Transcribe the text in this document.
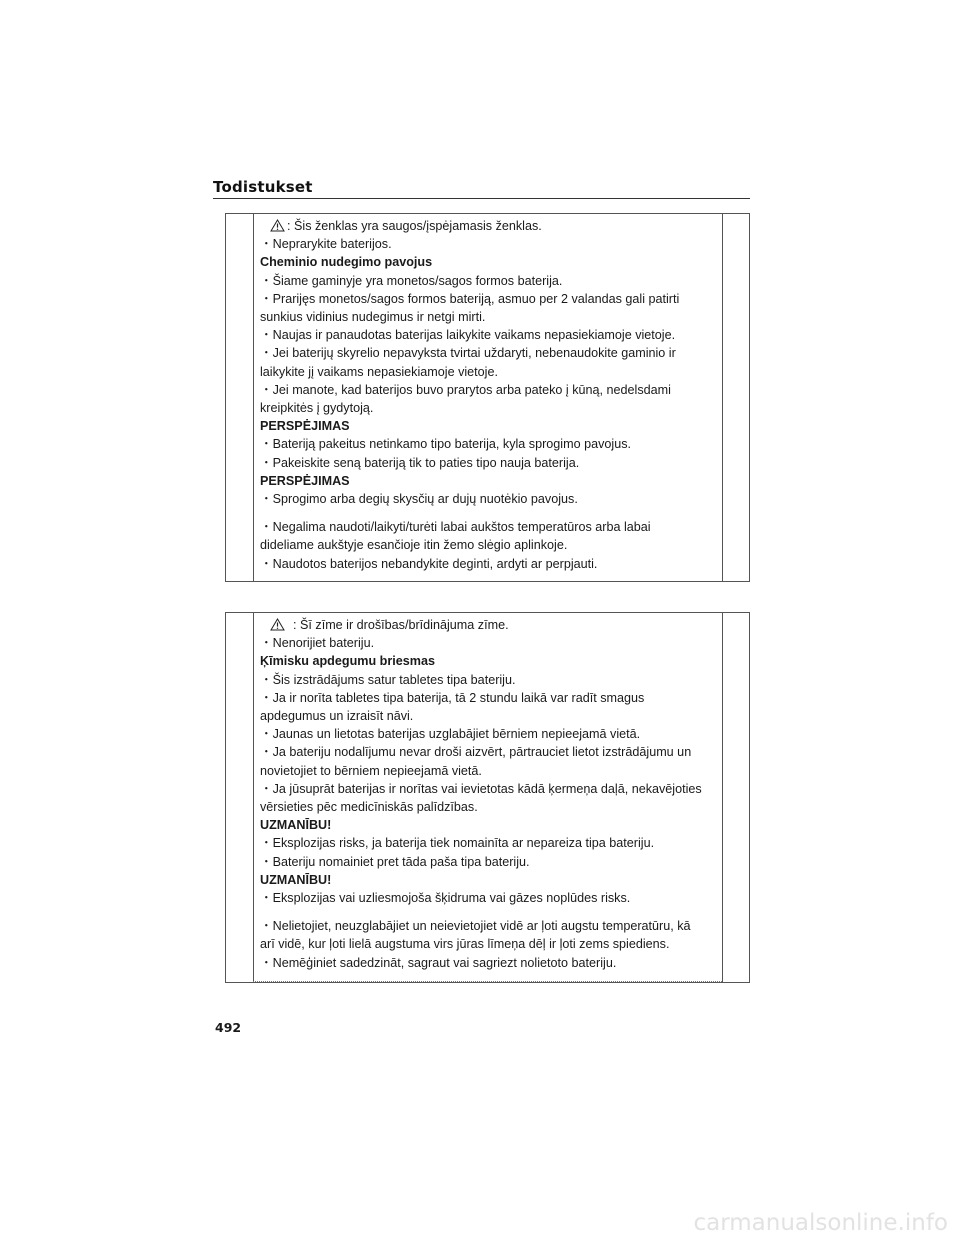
Todistukset
: Šis ženklas yra saugos/įspėjamasis ženklas.
・Neprarykite baterijos.
Cheminio nudegimo pavojus
・Šiame gaminyje yra monetos/sagos formos baterija.
・Prarijęs monetos/sagos formos bateriją, asmuo per 2 valandas gali patirti
sunkius vidinius nudegimus ir netgi mirti.
・Naujas ir panaudotas baterijas laikykite vaikams nepasiekiamoje vietoje.
・Jei baterijų skyrelio nepavyksta tvirtai uždaryti, nebenaudokite gaminio ir
laikykite jį vaikams nepasiekiamoje vietoje.
・Jei manote, kad baterijos buvo prarytos arba pateko į kūną, nedelsdami
kreipkitės į gydytoją.
PERSPĖJIMAS
・Bateriją pakeitus netinkamo tipo baterija, kyla sprogimo pavojus.
・Pakeiskite seną bateriją tik to paties tipo nauja baterija.
PERSPĖJIMAS
・Sprogimo arba degių skysčių ar dujų nuotėkio pavojus.
・Negalima naudoti/laikyti/turėti labai aukštos temperatūros arba labai
dideliame aukštyje esančioje itin žemo slėgio aplinkoje.
・Naudotos baterijos nebandykite deginti, ardyti ar perpjauti.
: Šī zīme ir drošības/brīdinājuma zīme.
・Nenorijiet bateriju.
Ķīmisku apdegumu briesmas
・Šis izstrādājums satur tabletes tipa bateriju.
・Ja ir norīta tabletes tipa baterija, tā 2 stundu laikā var radīt smagus
apdegumus un izraisīt nāvi.
・Jaunas un lietotas baterijas uzglabājiet bērniem nepieejamā vietā.
・Ja bateriju nodalījumu nevar droši aizvērt, pārtrauciet lietot izstrādājumu un
novietojiet to bērniem nepieejamā vietā.
・Ja jūsuprāt baterijas ir norītas vai ievietotas kādā ķermeņa daļā, nekavējoties
vērsieties pēc medicīniskās palīdzības.
UZMANĪBU!
・Eksplozijas risks, ja baterija tiek nomainīta ar nepareiza tipa bateriju.
・Bateriju nomainiet pret tāda paša tipa bateriju.
UZMANĪBU!
・Eksplozijas vai uzliesmojoša šķidruma vai gāzes noplūdes risks.
・Nelietojiet, neuzglabājiet un neievietojiet vidē ar ļoti augstu temperatūru, kā
arī vidē, kur ļoti lielā augstuma virs jūras līmeņa dēļ ir ļoti zems spiediens.
・Nemēģiniet sadedzināt, sagraut vai sagriezt nolietoto bateriju.
492
carmanualsonline.info
